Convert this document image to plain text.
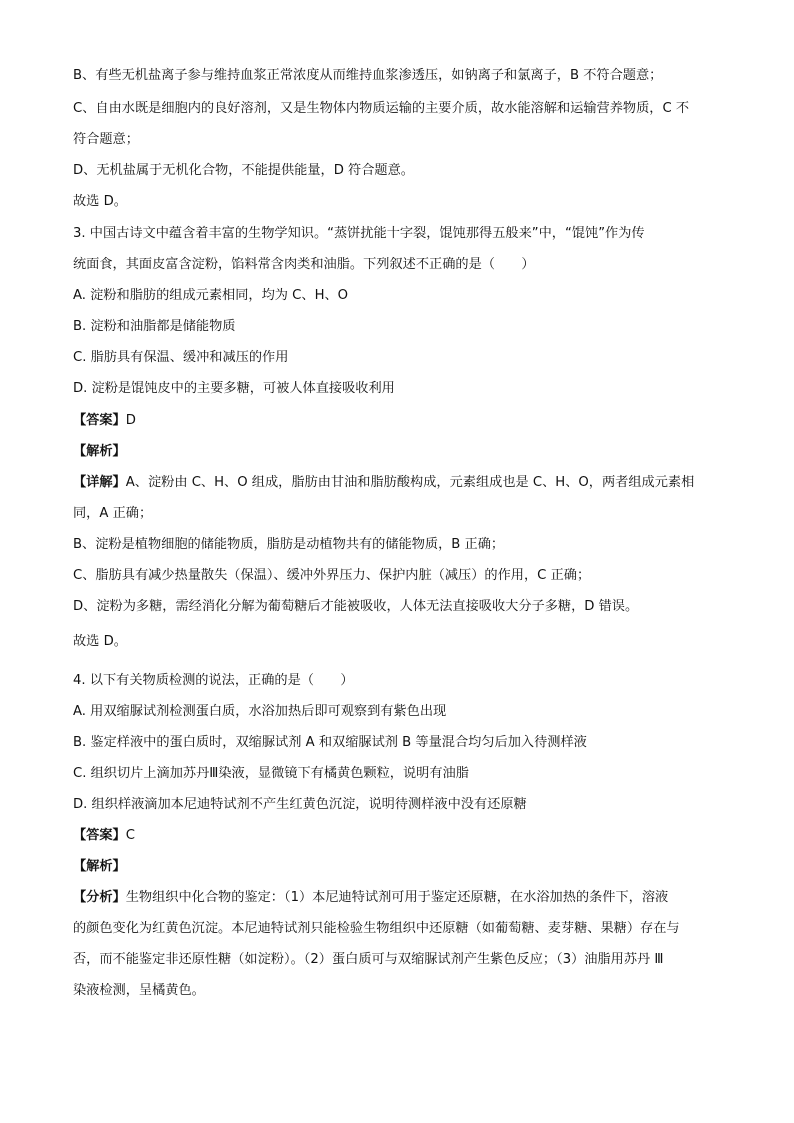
B、有些无机盐离子参与维持血浆正常浓度从而维持血浆渗透压，如钠离子和氯离子，B 不符合题意；
C、自由水既是细胞内的良好溶剂，又是生物体内物质运输的主要介质，故水能溶解和运输营养物质，C 不
符合题意；
D、无机盐属于无机化合物，不能提供能量，D 符合题意。
故选 D。
3. 中国古诗文中蕴含着丰富的生物学知识。“蒸饼扰能十字裂，馄饨那得五般来”中，“馄饨”作为传
统面食，其面皮富含淀粉，馅料常含肉类和油脂。下列叙述不正确的是（　　）
A. 淀粉和脂肪的组成元素相同，均为 C、H、O
B. 淀粉和油脂都是储能物质
C. 脂肪具有保温、缓冲和减压的作用
D. 淀粉是馄饨皮中的主要多糖，可被人体直接吸收利用
【答案】D
【解析】
【详解】A、淀粉由 C、H、O 组成，脂肪由甘油和脂肪酸构成，元素组成也是 C、H、O，两者组成元素相
同，A 正确；
B、淀粉是植物细胞的储能物质，脂肪是动植物共有的储能物质，B 正确；
C、脂肪具有减少热量散失（保温）、缓冲外界压力、保护内脏（减压）的作用，C 正确；
D、淀粉为多糖，需经消化分解为葡萄糖后才能被吸收，人体无法直接吸收大分子多糖，D 错误。
故选 D。
4. 以下有关物质检测的说法，正确的是（　　）
A. 用双缩脲试剂检测蛋白质，水浴加热后即可观察到有紫色出现
B. 鉴定样液中的蛋白质时，双缩脲试剂 A 和双缩脲试剂 B 等量混合均匀后加入待测样液
C. 组织切片上滴加苏丹Ⅲ染液，显微镜下有橘黄色颗粒，说明有油脂
D. 组织样液滴加本尼迪特试剂不产生红黄色沉淀，说明待测样液中没有还原糖
【答案】C
【解析】
【分析】生物组织中化合物的鉴定：（1）本尼迪特试剂可用于鉴定还原糖，在水浴加热的条件下，溶液
的颜色变化为红黄色沉淀。本尼迪特试剂只能检验生物组织中还原糖（如葡萄糖、麦芽糖、果糖）存在与
否，而不能鉴定非还原性糖（如淀粉）。（2）蛋白质可与双缩脲试剂产生紫色反应；（3）油脂用苏丹 Ⅲ
染液检测，呈橘黄色。
